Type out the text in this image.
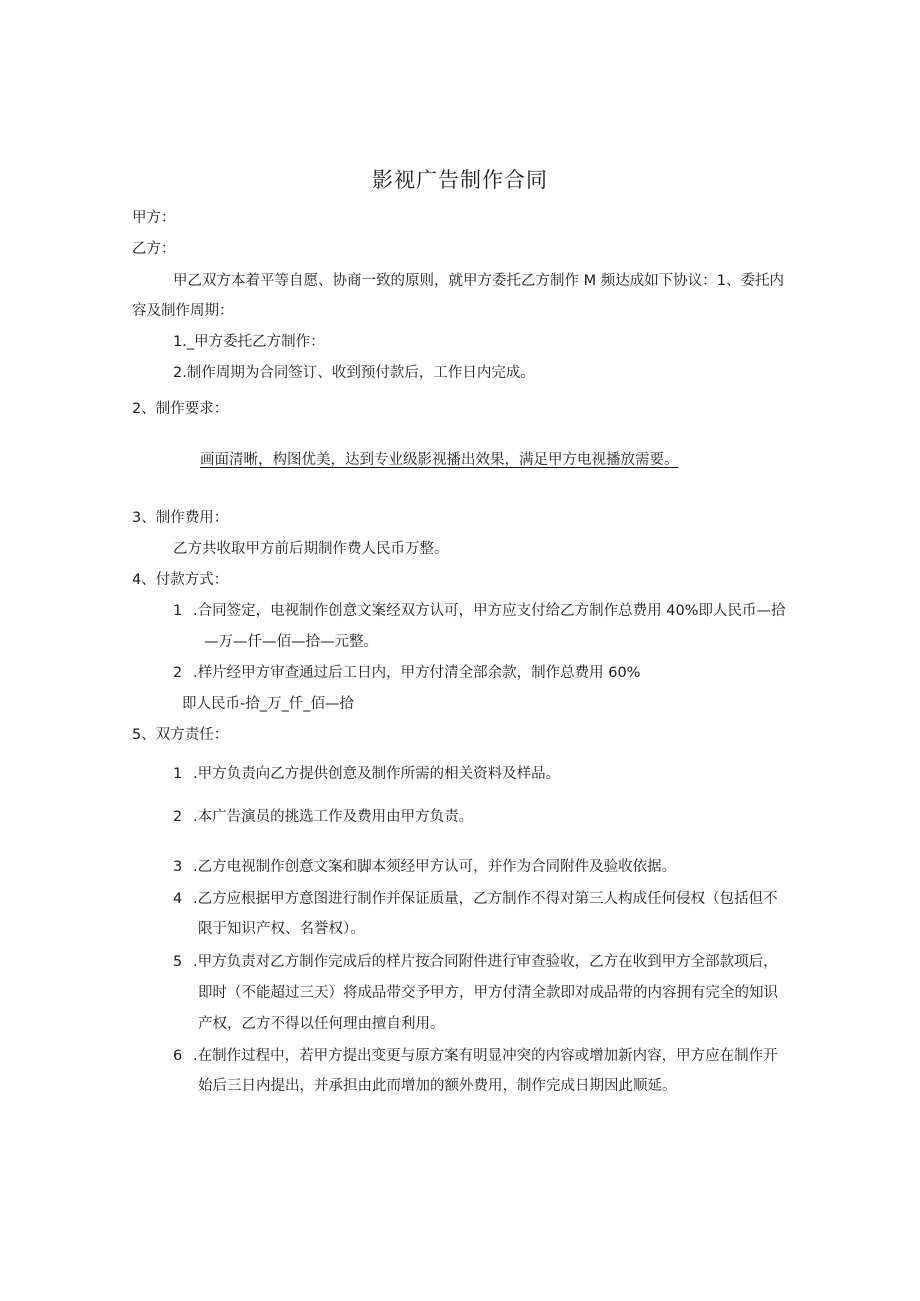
影视广告制作合同
甲方：
乙方：
甲乙双方本着平等自愿、协商一致的原则，就甲方委托乙方制作 M 频达成如下协议：1、委托内
容及制作周期：
1._甲方委托乙方制作：
2.制作周期为合同签订、收到预付款后，工作日内完成。
2、制作要求：
画面清晰，构图优美，达到专业级影视播出效果，满足甲方电视播放需要。
3、制作费用：
乙方共收取甲方前后期制作费人民币万整。
4、付款方式：
1 .合同签定，电视制作创意文案经双方认可，甲方应支付给乙方制作总费用 40%即人民币—拾
—万—仟—佰—拾—元整。
2 .样片经甲方审查通过后工日内，甲方付清全部余款，制作总费用 60%
即人民币-拾_万_仟_佰—拾
5、双方责任：
1 .甲方负责向乙方提供创意及制作所需的相关资料及样品。
2 .本广告演员的挑选工作及费用由甲方负责。
3 .乙方电视制作创意文案和脚本须经甲方认可，并作为合同附件及验收依据。
4 .乙方应根据甲方意图进行制作并保证质量，乙方制作不得对第三人构成任何侵权（包括但不
限于知识产权、名誉权）。
5 .甲方负责对乙方制作完成后的样片按合同附件进行审查验收，乙方在收到甲方全部款项后，
即时（不能超过三天）将成品带交予甲方，甲方付清全款即对成品带的内容拥有完全的知识
产权，乙方不得以任何理由擅自利用。
6 .在制作过程中，若甲方提出变更与原方案有明显冲突的内容或增加新内容，甲方应在制作开
始后三日内提出，并承担由此而增加的额外费用，制作完成日期因此顺延。
